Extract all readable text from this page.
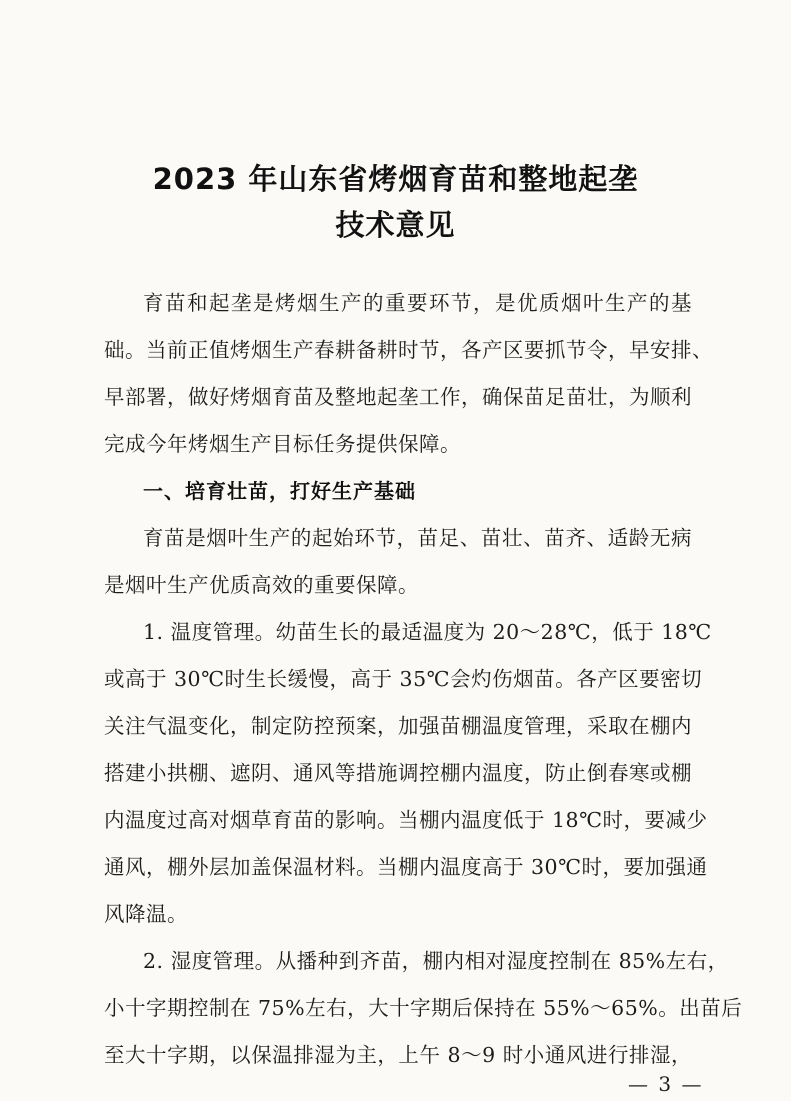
2023 年山东省烤烟育苗和整地起垄
技术意见
育苗和起垄是烤烟生产的重要环节，是优质烟叶生产的基
础。当前正值烤烟生产春耕备耕时节，各产区要抓节令，早安排、
早部署，做好烤烟育苗及整地起垄工作，确保苗足苗壮，为顺利
完成今年烤烟生产目标任务提供保障。
一、培育壮苗，打好生产基础
育苗是烟叶生产的起始环节，苗足、苗壮、苗齐、适龄无病
是烟叶生产优质高效的重要保障。
1. 温度管理。幼苗生长的最适温度为 20～28℃，低于 18℃
或高于 30℃时生长缓慢，高于 35℃会灼伤烟苗。各产区要密切
关注气温变化，制定防控预案，加强苗棚温度管理，采取在棚内
搭建小拱棚、遮阴、通风等措施调控棚内温度，防止倒春寒或棚
内温度过高对烟草育苗的影响。当棚内温度低于 18℃时，要减少
通风，棚外层加盖保温材料。当棚内温度高于 30℃时，要加强通
风降温。
2. 湿度管理。从播种到齐苗，棚内相对湿度控制在 85%左右，
小十字期控制在 75%左右，大十字期后保持在 55%～65%。出苗后
至大十字期，以保温排湿为主，上午 8～9 时小通风进行排湿，
— 3 —
